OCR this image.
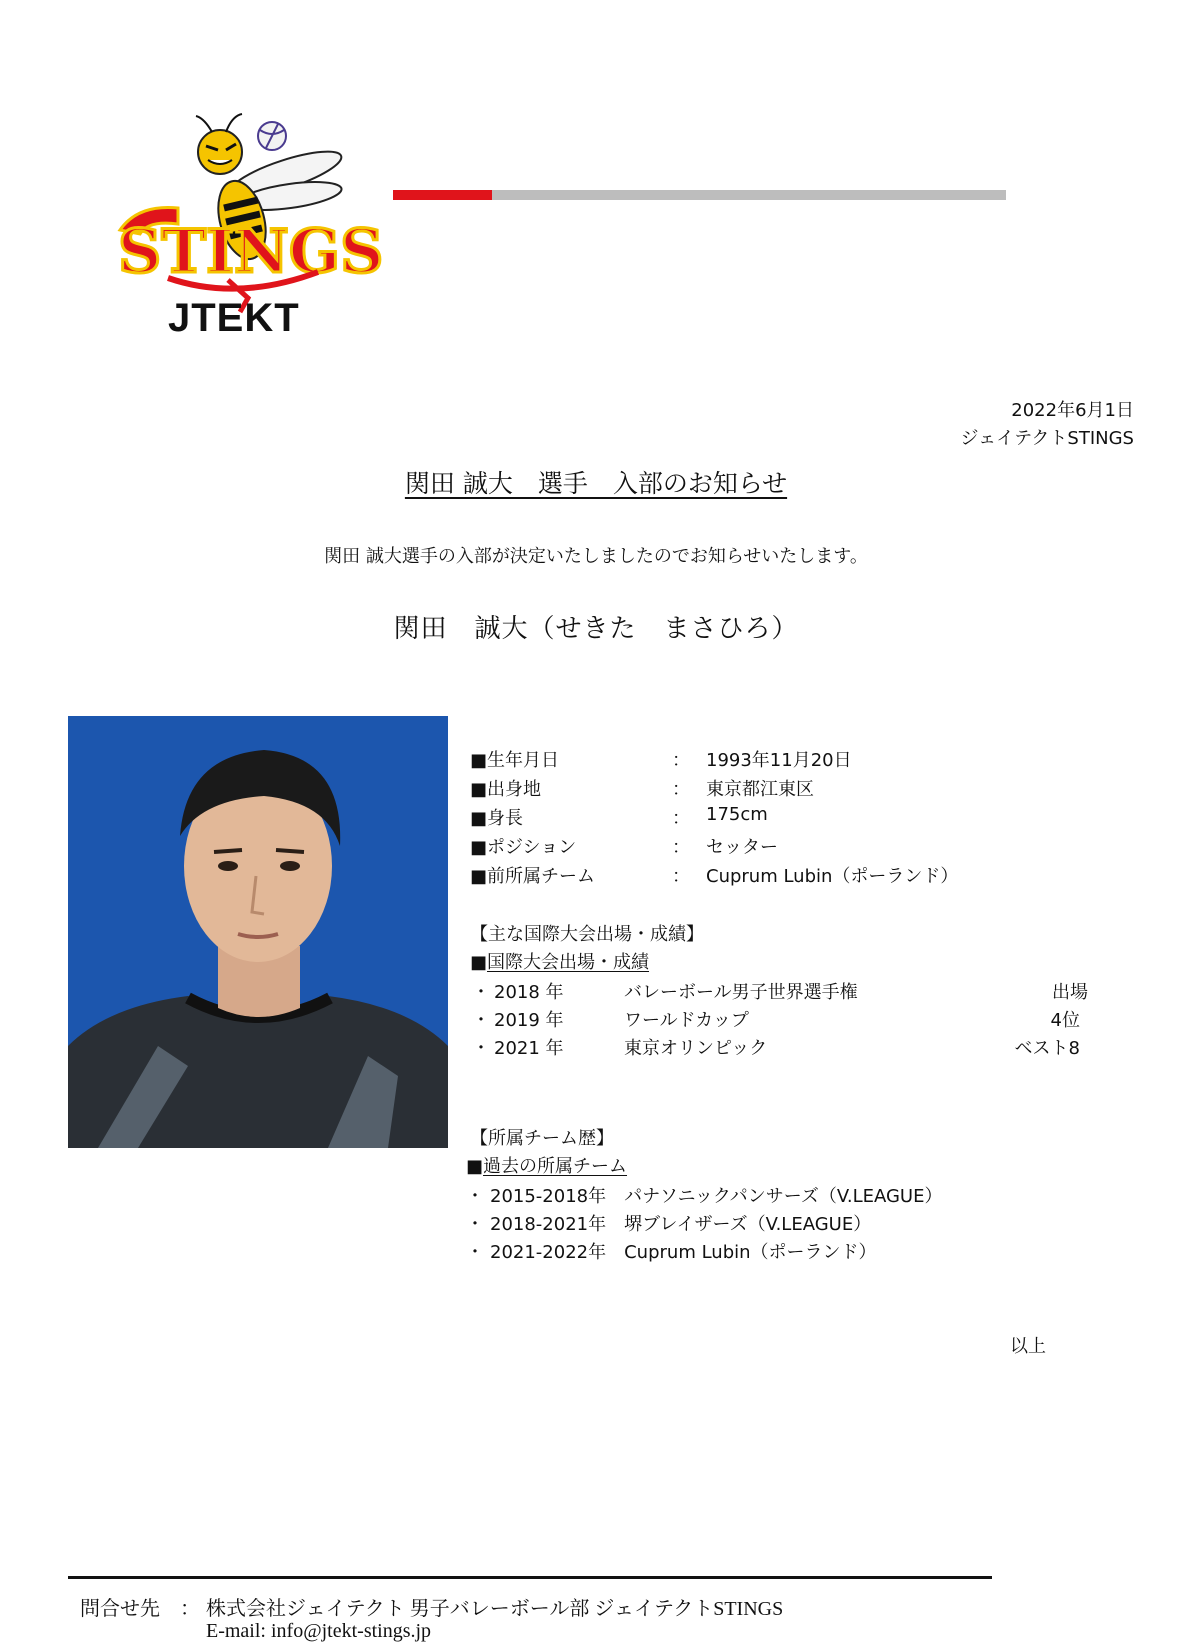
STINGS
JTEKT
2022年6月1日
ジェイテクトSTINGS
関田 誠大　選手　入部のお知らせ
関田 誠大選手の入部が決定いたしましたのでお知らせいたします。
関田　誠大（せきた　まさひろ）
■生年月日	： 1993年11月20日
■出身地	： 東京都江東区
■身長	： 175cm
■ポジション	： セッター
■前所属チーム	： Cuprum Lubin（ポーランド）
【主な国際大会出場・成績】
■国際大会出場・成績
・ 2018 年	バレーボール男子世界選手権	出場
・ 2019 年	ワールドカップ	4位
・ 2021 年	東京オリンピック	ベスト8
【所属チーム歴】
■過去の所属チーム
・ 2015-2018年　パナソニックパンサーズ（V.LEAGUE）
・ 2018-2021年　堺ブレイザーズ（V.LEAGUE）
・ 2021-2022年　Cuprum Lubin（ポーランド）
以上
問合せ先 ： 株式会社ジェイテクト 男子バレーボール部 ジェイテクトSTINGS
E-mail: info@jtekt-stings.jp
